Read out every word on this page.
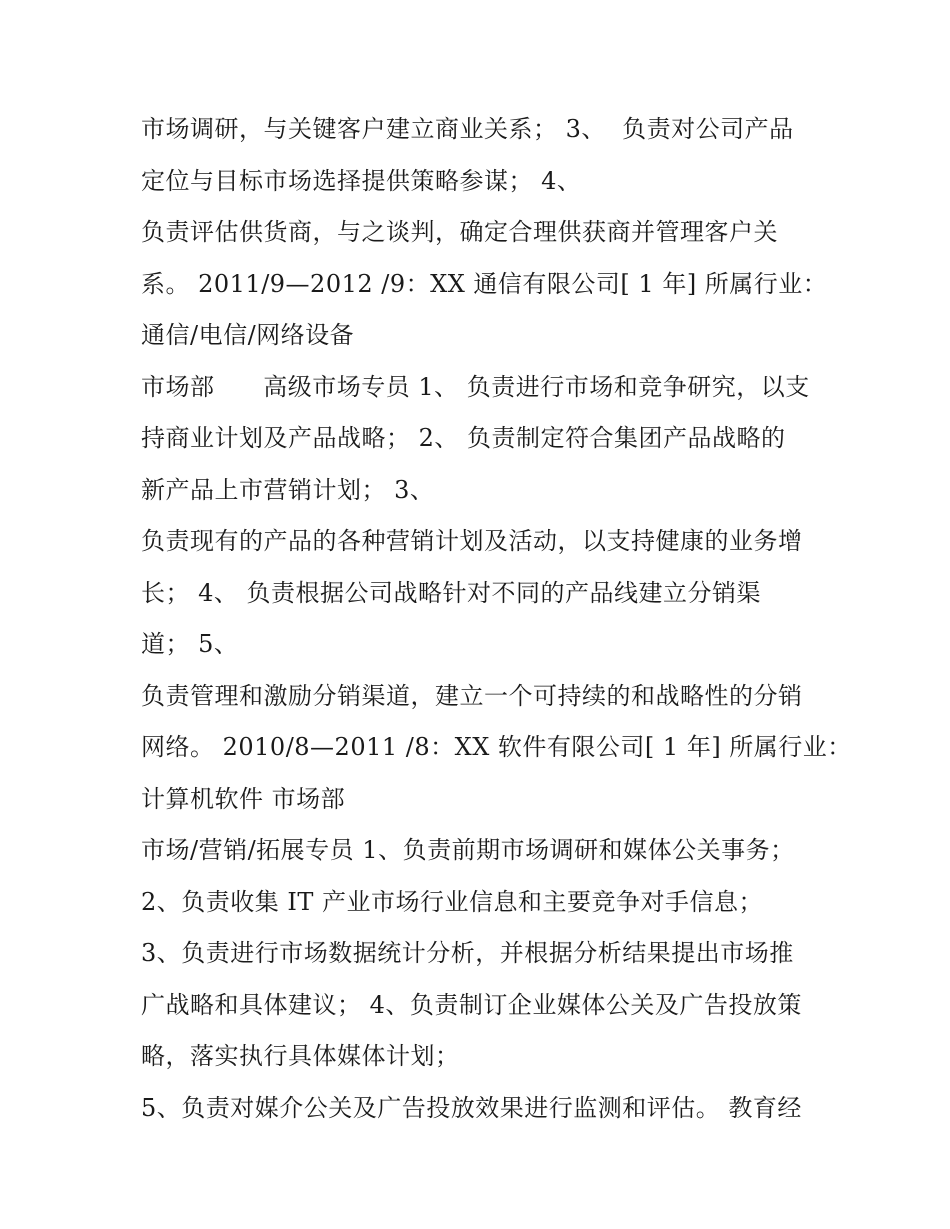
市场调研，与关键客户建立商业关系； 3、  负责对公司产品
定位与目标市场选择提供策略参谋； 4、
负责评估供货商，与之谈判，确定合理供获商并管理客户关
系。 2011/9—2012 /9：XX 通信有限公司[ 1 年] 所属行业：
通信/电信/网络设备
市场部      高级市场专员 1、 负责进行市场和竞争研究，以支
持商业计划及产品战略； 2、 负责制定符合集团产品战略的
新产品上市营销计划； 3、
负责现有的产品的各种营销计划及活动，以支持健康的业务增
长； 4、 负责根据公司战略针对不同的产品线建立分销渠
道； 5、
负责管理和激励分销渠道，建立一个可持续的和战略性的分销
网络。 2010/8—2011 /8：XX 软件有限公司[ 1 年] 所属行业：
计算机软件 市场部
市场/营销/拓展专员 1、负责前期市场调研和媒体公关事务；
2、负责收集 IT 产业市场行业信息和主要竞争对手信息；
3、负责进行市场数据统计分析，并根据分析结果提出市场推
广战略和具体建议； 4、负责制订企业媒体公关及广告投放策
略，落实执行具体媒体计划；
5、负责对媒介公关及广告投放效果进行监测和评估。 教育经
